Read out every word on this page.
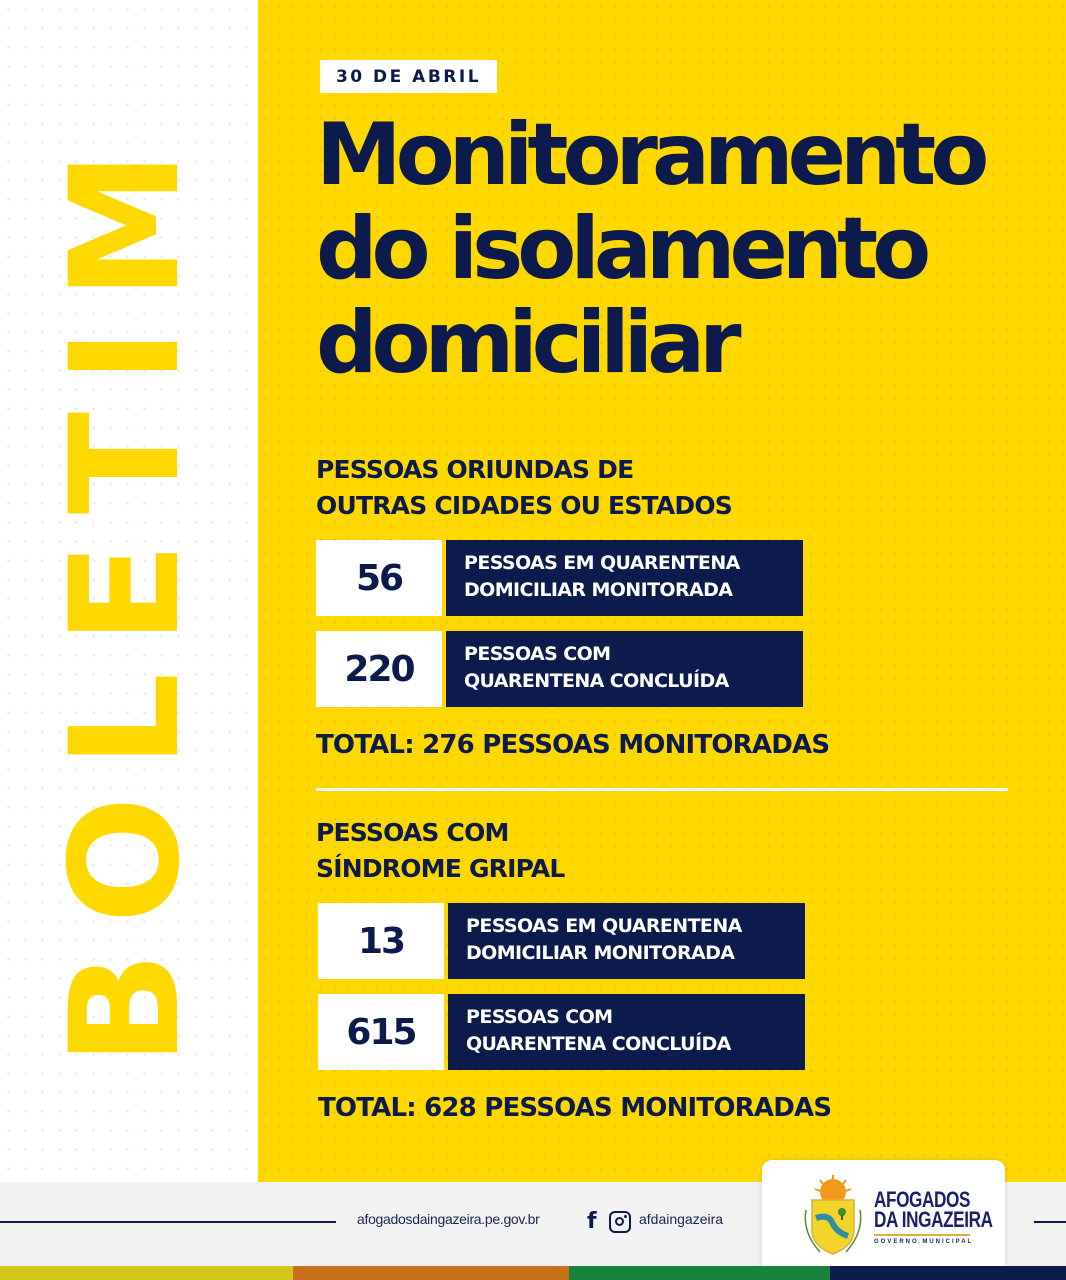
BOLETIM
30 DE ABRIL
Monitoramento
do isolamento
domiciliar
PESSOAS ORIUNDAS DE
OUTRAS CIDADES OU ESTADOS
56	PESSOAS EM QUARENTENA
DOMICILIAR MONITORADA
220	PESSOAS COM
QUARENTENA CONCLUÍDA
TOTAL: 276 PESSOAS MONITORADAS
PESSOAS COM
SÍNDROME GRIPAL
13	PESSOAS EM QUARENTENA
DOMICILIAR MONITORADA
615	PESSOAS COM
QUARENTENA CONCLUÍDA
TOTAL: 628 PESSOAS MONITORADAS
afogadosdaingazeira.pe.gov.br f	afdaingazeira
AFOGADOS
DA INGAZEIRA
GOVERNO MUNICIPAL
